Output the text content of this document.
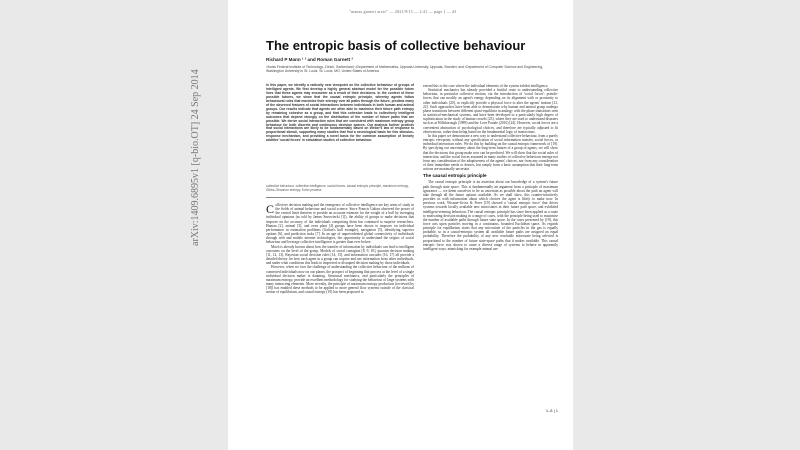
"manas garnett arxiv" — 2021/9/15 — 2:41 — page 1 — #1
arXiv:1409.6895v1 [q-bio.OT] 24 Sep 2014
The entropic basis of collective behaviour
Richard P Mann ¹ ² and Roman Garnett ³
¹Swiss Federal Institute of Technology, Zürich, Switzerland; ²Department of Mathematics, Uppsala University, Uppsala, Sweden; and ³Department of Computer Science and Engineering, Washington University in St. Louis, St. Louis, MO, United States of America
In this paper, we identify a radically new viewpoint on the collective behaviour of groups of intelligent agents. We first develop a highly general abstract model for the possible future lives that these agents may encounter as a result of their decisions. In the context of these possible futures, we show that the causal entropic principle, whereby agents follow behavioural rules that maximise their entropy over all paths through the future, predicts many of the observed features of social interactions between individuals in both human and animal groups. Our results indicate that agents are often able to maximise their future path entropy by remaining cohesive as a group, and that this cohesion leads to collectively intelligent outcomes that depend strongly on the distribution of the number of future paths that are possible. We derive social interaction rules that are consistent with maximum entropy group behaviour for both discrete and continuous decision spaces. Our analysis further predicts that social interactions are likely to be fundamentally based on Weber's law of response to proportional stimuli, supporting many studies that find a neurological basis for this stimulus-response mechanism, and providing a novel basis for the common assumption of linearly additive 'social forces' in simulation studies of collective behaviour.
collective behaviour, collective intelligence, social forces, causal entropic principle, maximum entropy, Gibbs–Shannon entropy, Kuhn process

Collective decision making and the emergence of collective intelligence are key areas of study in the fields of animal behaviour and social science. Since Francis Galton observed the power of the central limit theorem to provide an accurate estimate for the weight of a bull by averaging individual opinions (as told by James Surowiecki [1]), the ability of groups to make decisions that improve on the accuracy of the individuals comprising them has continued to surprise researchers. Human [2], animal [3], and even plant [4] groups have been shown to improve on individual performance in estimation problems (Galton's bull example), navigation [5], identifying superior options [6], and prediction tasks [7]. In an age of unprecedented global connectivity of individuals through web and mobile internet technologies, the opportunity to understand the origins of social behaviour and leverage collective intelligence is greater than ever before.

Much is already known about how the transfer of information by individuals can lead to intelligent outcomes on the level of the group. Models of social contagion [8, 9, 10], quorum decision making [11, 12, 13], Bayesian social decision rules [14, 15], and information cascades [16, 17] all provide a detailed theory for how each agent in a group can acquire and use information from other individuals, and under what conditions this leads to improved or disrupted decision making by those individuals.

However, when we face the challenge of understanding the collective behaviour of the millions of connected individuals now on our planet, the prospect of beginning that process at the level of a single individual decision maker is daunting. Structural mechanics, and particularly the principles of maximum entropy, provide an excellent methodology for studying the behaviour of large systems with many interacting elements. More recently, the principle of maximum entropy production (reviewed by [18]) has enabled these methods to be applied to more general flow systems outside of the classical notion of equilibrium, and causal entropy [19] has been proposed to

extend this to the case where the individual elements of the system exhibit intelligence.

Statistical mechanics has already provided a fruitful route to understanding collective behaviour, in particular collective motion, via the introduction of 'social forces': pseudo-forces that can modify an agent's energy depending on its alignment with or proximity to other individuals [20], or explicitly provide a physical force to alter the agents' motion [21, 22]. Such approaches have been able to demonstrate why human and animal group undergo phase transitions between different quasi-equilibria in analogy with the phase transitions seen in statistical-mechanical systems, and have been developed to a particularly high degree of sophistication in the study of human crowds [23], where they are used to understand disasters such as at Hillsborough (1989) and the Love Parade (2010) [24]. However, social forces are a convenient abstraction of psychological choices, and therefore are typically adjusted to fit observations, rather than being based on the fundamental logic of interactions.

In this paper we demonstrate a new way to understand collective behaviour, from a purely entropic viewpoint, without any specification of social information transfer, social forces, or individual interaction rules. We do this by building on the causal entropic framework of [19]. By specifying our uncertainty about the long-term futures of a group of agents, we will show that the decisions this group make now can be predicted. We will show that the social rules of interaction, and the social forces assumed in many studies of collective behaviour emerge not from any consideration of the adaptiveness of the agents' choices, nor from any consideration of their immediate needs or desires, but simply from a basic assumption that their long-term actions are maximally uncertain.

The causal entropic principle

The causal entropic principle is an assertion about our knowledge of a system's future path through state space. This is fundamentally an argument from a principle of maximum ignorance — we deem ourselves to be as uncertain as possible about the path an agent will take through all the future options available. As we shall show, this counter-intuitively provides us with information about which choices the agent is likely to make now. In previous work, Wissner-Gross & Freer [19] showed a 'causal entropic force' that drives systems towards locally available new microstates in their future path space, and exhibited intelligent-seeming behaviour. The causal entropic principle has since been applied as a route to motivating decision making in a range of cases, with the principle being used to maximise the number of available paths through future state space. In the cases presented by [19], this force acts upon particles moving in a continuous, bounded Euclidean space. As regards principle for equilibrium states that any microstate of the particles in the gas is equally probable, so in a causal-entropic system all available future paths are assigned an equal probability. Therefore the probability of any new reachable microstate being selected is proportional to the number of future state-space paths that it makes available. This causal entropic force was shown to cause a diverse range of systems to behave in apparently intelligent ways, mimicking for example animal use

1–8 | 1
